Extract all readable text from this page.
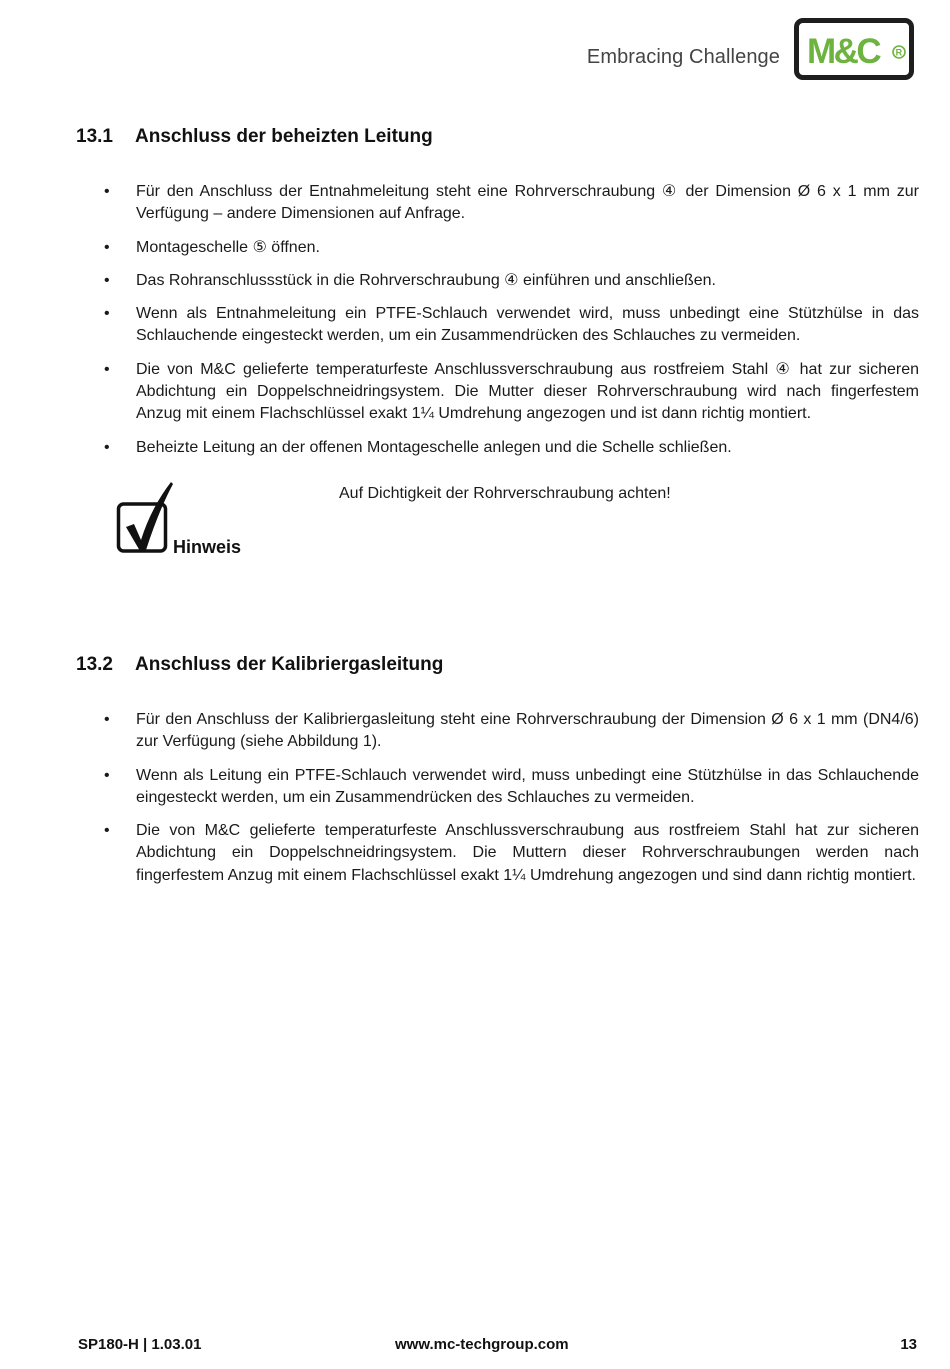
Embracing Challenge M&C R
13.1 Anschluss der beheizten Leitung
• Für den Anschluss der Entnahmeleitung steht eine Rohrverschraubung ④ der Dimension Ø 6 x 1 mm zur Verfügung – andere Dimensionen auf Anfrage.
• Montageschelle ⑤ öffnen.
• Das Rohranschlussstück in die Rohrverschraubung ④ einführen und anschließen.
• Wenn als Entnahmeleitung ein PTFE-Schlauch verwendet wird, muss unbedingt eine Stützhülse in das Schlauchende eingesteckt werden, um ein Zusammendrücken des Schlauches zu vermeiden.
• Die von M&C gelieferte temperaturfeste Anschlussverschraubung aus rostfreiem Stahl ④ hat zur sicheren Abdichtung ein Doppelschneidringsystem. Die Mutter dieser Rohrverschraubung wird nach fingerfestem Anzug mit einem Flachschlüssel exakt 1¼ Umdrehung angezogen und ist dann richtig montiert.
• Beheizte Leitung an der offenen Montageschelle anlegen und die Schelle schließen.
Hinweis
Auf Dichtigkeit der Rohrverschraubung achten!
13.2 Anschluss der Kalibriergasleitung
• Für den Anschluss der Kalibriergasleitung steht eine Rohrverschraubung der Dimension Ø 6 x 1 mm (DN4/6) zur Verfügung (siehe Abbildung 1).
• Wenn als Leitung ein PTFE-Schlauch verwendet wird, muss unbedingt eine Stützhülse in das Schlauchende eingesteckt werden, um ein Zusammendrücken des Schlauches zu vermeiden.
• Die von M&C gelieferte temperaturfeste Anschlussverschraubung aus rostfreiem Stahl hat zur sicheren Abdichtung ein Doppelschneidringsystem. Die Muttern dieser Rohrverschraubungen werden nach fingerfestem Anzug mit einem Flachschlüssel exakt 1¼ Umdrehung angezogen und sind dann richtig montiert.
SP180-H | 1.03.01	www.mc-techgroup.com	13
